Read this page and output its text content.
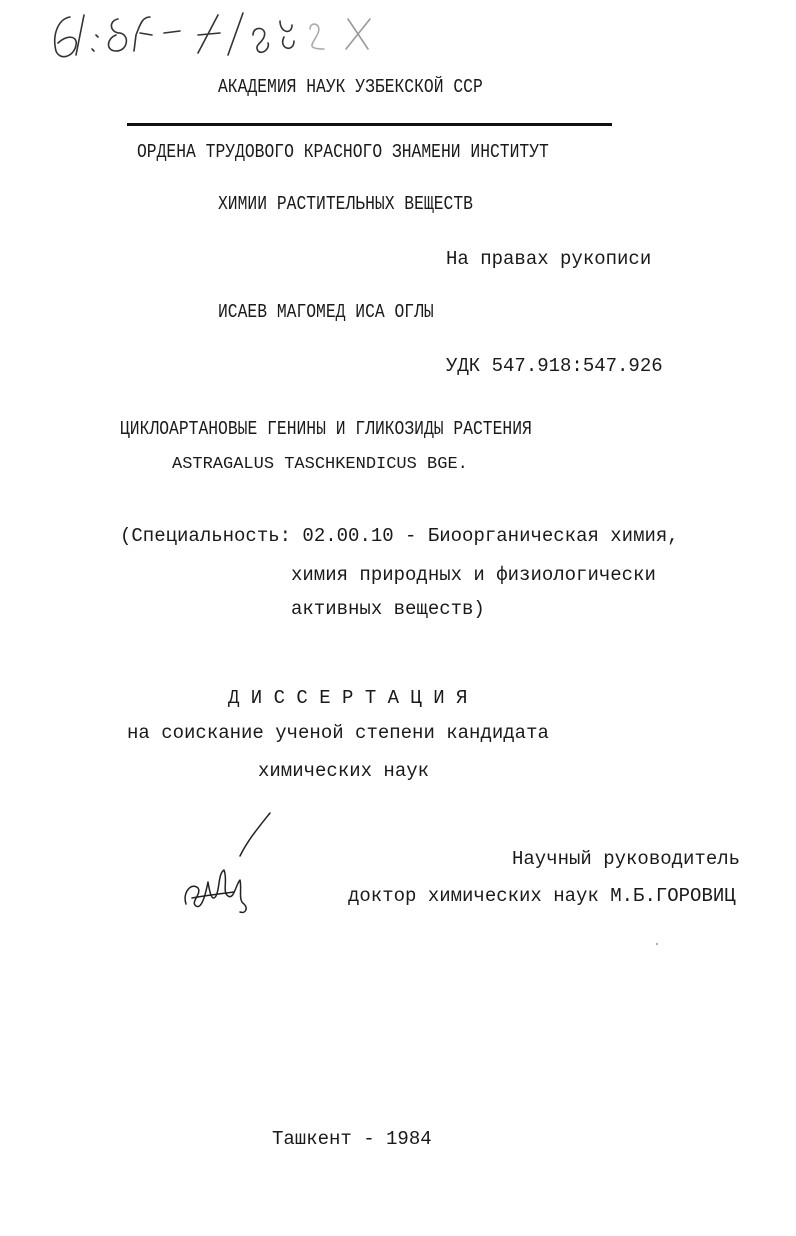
АКАДЕМИЯ НАУК УЗБЕКСКОЙ ССР
ОРДЕНА ТРУДОВОГО КРАСНОГО ЗНАМЕНИ ИНСТИТУТ
ХИМИИ РАСТИТЕЛЬНЫХ ВЕЩЕСТВ
На правах рукописи
ИСАЕВ МАГОМЕД ИСА ОГЛЫ
УДК 547.918:547.926
ЦИКЛОАРТАНОВЫЕ ГЕНИНЫ И ГЛИКОЗИДЫ РАСТЕНИЯ
ASTRAGALUS TASCHKENDICUS BGE.
(Специальность: 02.00.10 - Биоорганическая химия,
химия природных и физиологически
активных веществ)
Д И С С Е Р Т А Ц И Я
на соискание ученой степени кандидата
химических наук
Научный руководитель
доктор химических наук М.Б.ГОРОВИЦ
Ташкент - 1984
